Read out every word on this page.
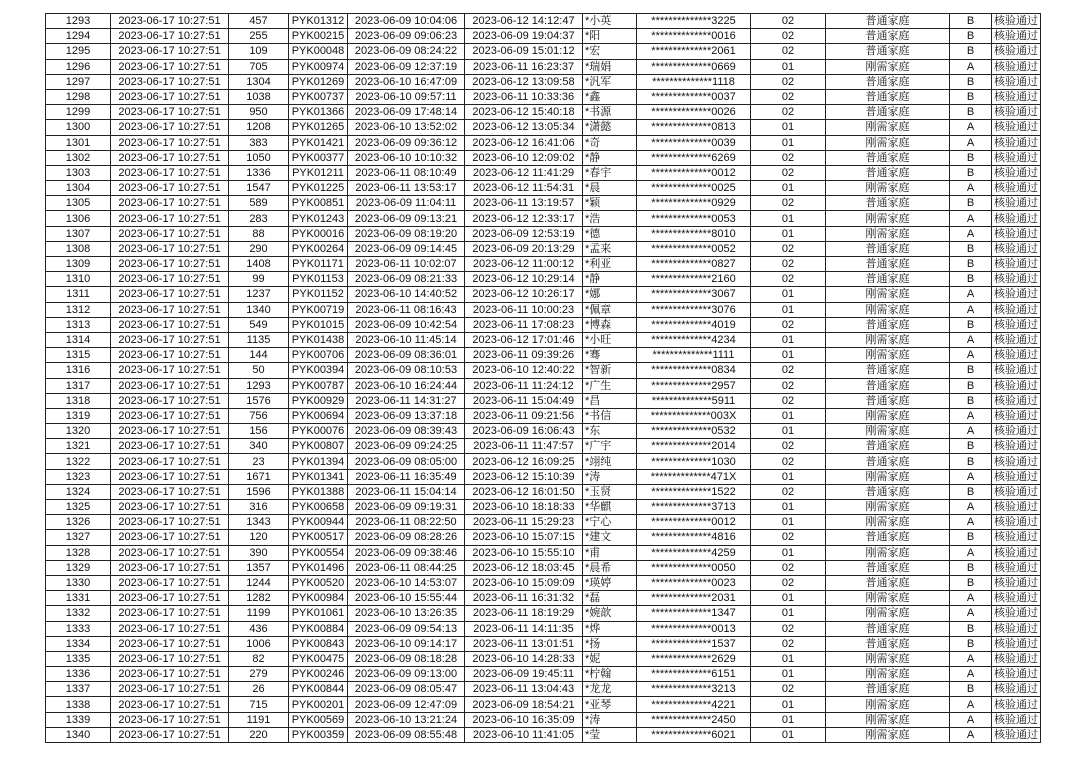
1293	2023-06-17 10:27:51	457	PYK01312	2023-06-09 10:04:06	2023-06-12 14:12:47	*小英	**************3225	02	普通家庭	B	核验通过
1294	2023-06-17 10:27:51	255	PYK00215	2023-06-09 09:06:23	2023-06-09 19:04:37	*阳	**************0016	02	普通家庭	B	核验通过
1295	2023-06-17 10:27:51	109	PYK00048	2023-06-09 08:24:22	2023-06-09 15:01:12	*宏	**************2061	02	普通家庭	B	核验通过
1296	2023-06-17 10:27:51	705	PYK00974	2023-06-09 12:37:19	2023-06-11 16:23:37	*瑞娟	**************0669	01	刚需家庭	A	核验通过
1297	2023-06-17 10:27:51	1304	PYK01269	2023-06-10 16:47:09	2023-06-12 13:09:58	*汎军	**************1118	02	普通家庭	B	核验通过
1298	2023-06-17 10:27:51	1038	PYK00737	2023-06-10 09:57:11	2023-06-11 10:33:36	*鑫	**************0037	02	普通家庭	B	核验通过
1299	2023-06-17 10:27:51	950	PYK01366	2023-06-09 17:48:14	2023-06-12 15:40:18	*书源	**************0026	02	普通家庭	B	核验通过
1300	2023-06-17 10:27:51	1208	PYK01265	2023-06-10 13:52:02	2023-06-12 13:05:34	*潇懿	**************0813	01	刚需家庭	A	核验通过
1301	2023-06-17 10:27:51	383	PYK01421	2023-06-09 09:36:12	2023-06-12 16:41:06	*奇	**************0039	01	刚需家庭	A	核验通过
1302	2023-06-17 10:27:51	1050	PYK00377	2023-06-10 10:10:32	2023-06-10 12:09:02	*静	**************6269	02	普通家庭	B	核验通过
1303	2023-06-17 10:27:51	1336	PYK01211	2023-06-11 08:10:49	2023-06-12 11:41:29	*春宇	**************0012	02	普通家庭	B	核验通过
1304	2023-06-17 10:27:51	1547	PYK01225	2023-06-11 13:53:17	2023-06-12 11:54:31	*晨	**************0025	01	刚需家庭	A	核验通过
1305	2023-06-17 10:27:51	589	PYK00851	2023-06-09 11:04:11	2023-06-11 13:19:57	*颖	**************0929	02	普通家庭	B	核验通过
1306	2023-06-17 10:27:51	283	PYK01243	2023-06-09 09:13:21	2023-06-12 12:33:17	*浩	**************0053	01	刚需家庭	A	核验通过
1307	2023-06-17 10:27:51	88	PYK00016	2023-06-09 08:19:20	2023-06-09 12:53:19	*德	**************8010	01	刚需家庭	A	核验通过
1308	2023-06-17 10:27:51	290	PYK00264	2023-06-09 09:14:45	2023-06-09 20:13:29	*孟来	**************0052	02	普通家庭	B	核验通过
1309	2023-06-17 10:27:51	1408	PYK01171	2023-06-11 10:02:07	2023-06-12 11:00:12	*利亚	**************0827	02	普通家庭	B	核验通过
1310	2023-06-17 10:27:51	99	PYK01153	2023-06-09 08:21:33	2023-06-12 10:29:14	*静	**************2160	02	普通家庭	B	核验通过
1311	2023-06-17 10:27:51	1237	PYK01152	2023-06-10 14:40:52	2023-06-12 10:26:17	*娜	**************3067	01	刚需家庭	A	核验通过
1312	2023-06-17 10:27:51	1340	PYK00719	2023-06-11 08:16:43	2023-06-11 10:00:23	*佩章	**************3076	01	刚需家庭	A	核验通过
1313	2023-06-17 10:27:51	549	PYK01015	2023-06-09 10:42:54	2023-06-11 17:08:23	*博森	**************4019	02	普通家庭	B	核验通过
1314	2023-06-17 10:27:51	1135	PYK01438	2023-06-10 11:45:14	2023-06-12 17:01:46	*小旺	**************4234	01	刚需家庭	A	核验通过
1315	2023-06-17 10:27:51	144	PYK00706	2023-06-09 08:36:01	2023-06-11 09:39:26	*骞	**************1111	01	刚需家庭	A	核验通过
1316	2023-06-17 10:27:51	50	PYK00394	2023-06-09 08:10:53	2023-06-10 12:40:22	*智新	**************0834	02	普通家庭	B	核验通过
1317	2023-06-17 10:27:51	1293	PYK00787	2023-06-10 16:24:44	2023-06-11 11:24:12	*广生	**************2957	02	普通家庭	B	核验通过
1318	2023-06-17 10:27:51	1576	PYK00929	2023-06-11 14:31:27	2023-06-11 15:04:49	*昌	**************5911	02	普通家庭	B	核验通过
1319	2023-06-17 10:27:51	756	PYK00694	2023-06-09 13:37:18	2023-06-11 09:21:56	*书信	**************003X	01	刚需家庭	A	核验通过
1320	2023-06-17 10:27:51	156	PYK00076	2023-06-09 08:39:43	2023-06-09 16:06:43	*东	**************0532	01	刚需家庭	A	核验通过
1321	2023-06-17 10:27:51	340	PYK00807	2023-06-09 09:24:25	2023-06-11 11:47:57	*广宇	**************2014	02	普通家庭	B	核验通过
1322	2023-06-17 10:27:51	23	PYK01394	2023-06-09 08:05:00	2023-06-12 16:09:25	*翊纯	**************1030	02	普通家庭	B	核验通过
1323	2023-06-17 10:27:51	1671	PYK01341	2023-06-11 16:35:49	2023-06-12 15:10:39	*涛	**************471X	01	刚需家庭	A	核验通过
1324	2023-06-17 10:27:51	1596	PYK01388	2023-06-11 15:04:14	2023-06-12 16:01:50	*玉贤	**************1522	02	普通家庭	B	核验通过
1325	2023-06-17 10:27:51	316	PYK00658	2023-06-09 09:19:31	2023-06-10 18:18:33	*华麒	**************3713	01	刚需家庭	A	核验通过
1326	2023-06-17 10:27:51	1343	PYK00944	2023-06-11 08:22:50	2023-06-11 15:29:23	*宁心	**************0012	01	刚需家庭	A	核验通过
1327	2023-06-17 10:27:51	120	PYK00517	2023-06-09 08:28:26	2023-06-10 15:07:15	*建文	**************4816	02	普通家庭	B	核验通过
1328	2023-06-17 10:27:51	390	PYK00554	2023-06-09 09:38:46	2023-06-10 15:55:10	*甫	**************4259	01	刚需家庭	A	核验通过
1329	2023-06-17 10:27:51	1357	PYK01496	2023-06-11 08:44:25	2023-06-12 18:03:45	*晨希	**************0050	02	普通家庭	B	核验通过
1330	2023-06-17 10:27:51	1244	PYK00520	2023-06-10 14:53:07	2023-06-10 15:09:09	*瑛婷	**************0023	02	普通家庭	B	核验通过
1331	2023-06-17 10:27:51	1282	PYK00984	2023-06-10 15:55:44	2023-06-11 16:31:32	*磊	**************2031	01	刚需家庭	A	核验通过
1332	2023-06-17 10:27:51	1199	PYK01061	2023-06-10 13:26:35	2023-06-11 18:19:29	*婉歆	**************1347	01	刚需家庭	A	核验通过
1333	2023-06-17 10:27:51	436	PYK00884	2023-06-09 09:54:13	2023-06-11 14:11:35	*烨	**************0013	02	普通家庭	B	核验通过
1334	2023-06-17 10:27:51	1006	PYK00843	2023-06-10 09:14:17	2023-06-11 13:01:51	*扬	**************1537	02	普通家庭	B	核验通过
1335	2023-06-17 10:27:51	82	PYK00475	2023-06-09 08:18:28	2023-06-10 14:28:33	*妮	**************2629	01	刚需家庭	A	核验通过
1336	2023-06-17 10:27:51	279	PYK00246	2023-06-09 09:13:00	2023-06-09 19:45:11	*柠翰	**************6151	01	刚需家庭	A	核验通过
1337	2023-06-17 10:27:51	26	PYK00844	2023-06-09 08:05:47	2023-06-11 13:04:43	*龙龙	**************3213	02	普通家庭	B	核验通过
1338	2023-06-17 10:27:51	715	PYK00201	2023-06-09 12:47:09	2023-06-09 18:54:21	*亚琴	**************4221	01	刚需家庭	A	核验通过
1339	2023-06-17 10:27:51	1191	PYK00569	2023-06-10 13:21:24	2023-06-10 16:35:09	*涛	**************2450	01	刚需家庭	A	核验通过
1340	2023-06-17 10:27:51	220	PYK00359	2023-06-09 08:55:48	2023-06-10 11:41:05	*莹	**************6021	01	刚需家庭	A	核验通过
